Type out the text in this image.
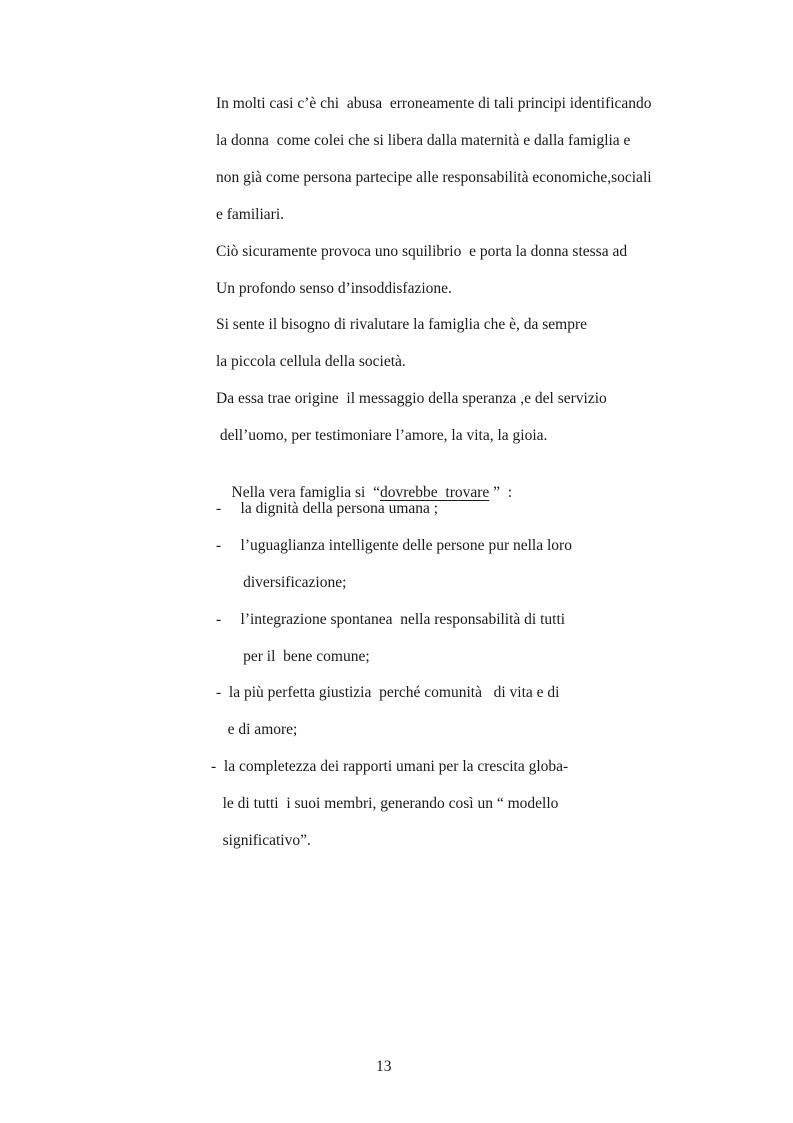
In molti casi c’è chi  abusa  erroneamente di tali principi identificando
la donna  come colei che si libera dalla maternità e dalla famiglia e
non già come persona partecipe alle responsabilità economiche,sociali
e familiari.
Ciò sicuramente provoca uno squilibrio  e porta la donna stessa ad
Un profondo senso d’insoddisfazione.
Si sente il bisogno di rivalutare la famiglia che è, da sempre
la piccola cellula della società.
Da essa trae origine  il messaggio della speranza ,e del servizio
dell’uomo, per testimoniare l’amore, la vita, la gioia.

Nella vera famiglia si  “dovrebbe  trovare ”  :

-     la dignità della persona umana ;
-     l’uguaglianza intelligente delle persone pur nella loro
diversificazione;
-     l’integrazione spontanea  nella responsabilità di tutti
per il  bene comune;
-  la più perfetta giustizia  perché comunità   di vita e di
e di amore;
-  la completezza dei rapporti umani per la crescita globa-
le di tutti  i suoi membri, generando così un “ modello
significativo”.
13
